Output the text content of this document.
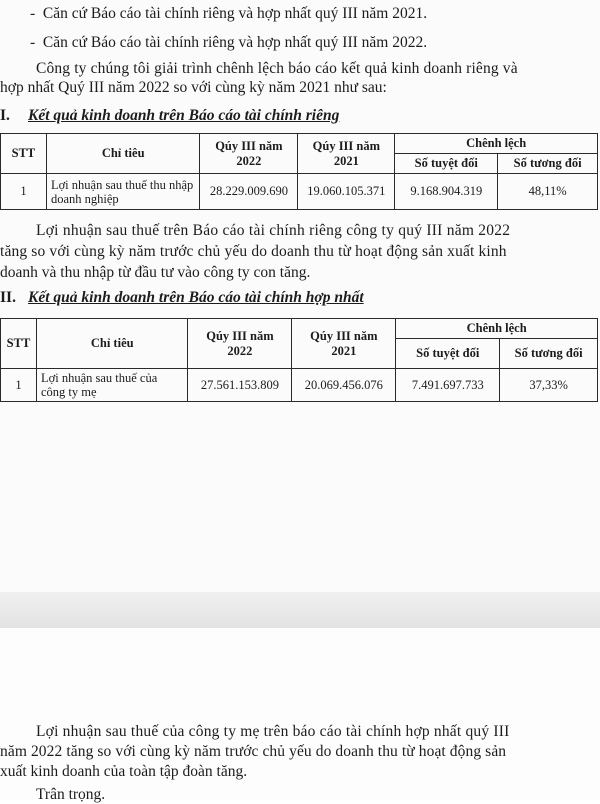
-  Căn cứ Báo cáo tài chính riêng và hợp nhất quý III năm 2021.
-  Căn cứ Báo cáo tài chính riêng và hợp nhất quý III năm 2022.
Công ty chúng tôi giải trình chênh lệch báo cáo kết quả kinh doanh riêng và
hợp nhất Quý III năm 2022 so với cùng kỳ năm 2021 như sau:
I. Kết quả kinh doanh trên Báo cáo tài chính riêng
STT	Chỉ tiêu	Qúy III năm 2022	Qúy III năm 2021	Chênh lệch	
				Số tuyệt đối	Số tương đối
1	Lợi nhuận sau thuế thu nhập doanh nghiệp	28.229.009.690	19.060.105.371	9.168.904.319	48,11%
Lợi nhuận sau thuế trên Báo cáo tài chính riêng công ty quý III năm 2022
tăng so với cùng kỳ năm trước chủ yếu do doanh thu từ hoạt động sản xuất kinh
doanh và thu nhập từ đầu tư vào công ty con tăng.
II. Kết quả kinh doanh trên Báo cáo tài chính hợp nhất
STT	Chỉ tiêu	Qúy III năm 2022	Qúy III năm 2021	Chênh lệch	
				Số tuyệt đối	Số tương đối
1	Lợi nhuận sau thuế của công ty mẹ	27.561.153.809	20.069.456.076	7.491.697.733	37,33%
Lợi nhuận sau thuế của công ty mẹ trên báo cáo tài chính hợp nhất quý III
năm 2022 tăng so với cùng kỳ năm trước chủ yếu do doanh thu từ hoạt động sản
xuất kinh doanh của toàn tập đoàn tăng.
Trân trọng.
